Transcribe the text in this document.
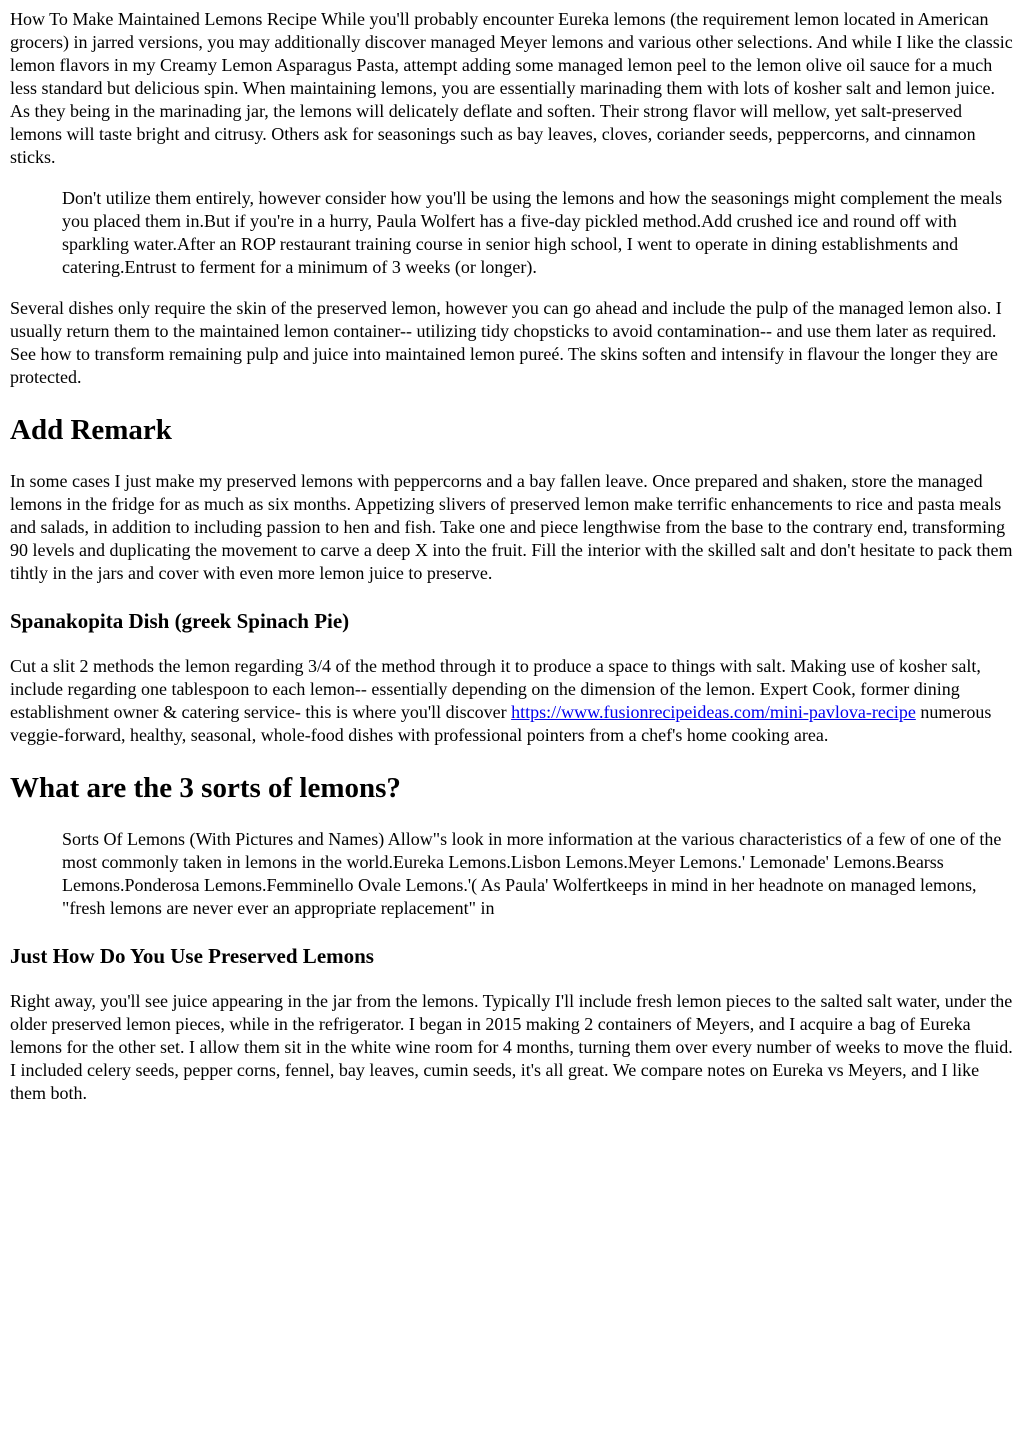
How To Make Maintained Lemons Recipe While you'll probably encounter Eureka lemons (the requirement lemon located in American grocers) in jarred versions, you may additionally discover managed Meyer lemons and various other selections. And while I like the classic lemon flavors in my Creamy Lemon Asparagus Pasta, attempt adding some managed lemon peel to the lemon olive oil sauce for a much less standard but delicious spin. When maintaining lemons, you are essentially marinading them with lots of kosher salt and lemon juice. As they being in the marinading jar, the lemons will delicately deflate and soften. Their strong flavor will mellow, yet salt-preserved lemons will taste bright and citrusy. Others ask for seasonings such as bay leaves, cloves, coriander seeds, peppercorns, and cinnamon sticks.

Don't utilize them entirely, however consider how you'll be using the lemons and how the seasonings might complement the meals you placed them in.But if you're in a hurry, Paula Wolfert has a five-day pickled method.Add crushed ice and round off with sparkling water.After an ROP restaurant training course in senior high school, I went to operate in dining establishments and catering.Entrust to ferment for a minimum of 3 weeks (or longer).

Several dishes only require the skin of the preserved lemon, however you can go ahead and include the pulp of the managed lemon also. I usually return them to the maintained lemon container-- utilizing tidy chopsticks to avoid contamination-- and use them later as required. See how to transform remaining pulp and juice into maintained lemon pureé. The skins soften and intensify in flavour the longer they are protected.

Add Remark

In some cases I just make my preserved lemons with peppercorns and a bay fallen leave. Once prepared and shaken, store the managed lemons in the fridge for as much as six months. Appetizing slivers of preserved lemon make terrific enhancements to rice and pasta meals and salads, in addition to including passion to hen and fish. Take one and piece lengthwise from the base to the contrary end, transforming 90 levels and duplicating the movement to carve a deep X into the fruit. Fill the interior with the skilled salt and don't hesitate to pack them tihtly in the jars and cover with even more lemon juice to preserve.

Spanakopita Dish (greek Spinach Pie)

Cut a slit 2 methods the lemon regarding 3/4 of the method through it to produce a space to things with salt. Making use of kosher salt, include regarding one tablespoon to each lemon-- essentially depending on the dimension of the lemon. Expert Cook, former dining establishment owner & catering service- this is where you'll discover https://www.fusionrecipeideas.com/mini-pavlova-recipe numerous veggie-forward, healthy, seasonal, whole-food dishes with professional pointers from a chef's home cooking area.

What are the 3 sorts of lemons?
Sorts Of Lemons (With Pictures and Names) Allow"s look in more information at the various characteristics of a few of one of the most commonly taken in lemons in the world.Eureka Lemons.Lisbon Lemons.Meyer Lemons.' Lemonade' Lemons.Bearss Lemons.Ponderosa Lemons.Femminello Ovale Lemons.'( As Paula' Wolfertkeeps in mind in her headnote on managed lemons, "fresh lemons are never ever an appropriate replacement" in
Just How Do You Use Preserved Lemons

Right away, you'll see juice appearing in the jar from the lemons. Typically I'll include fresh lemon pieces to the salted salt water, under the older preserved lemon pieces, while in the refrigerator. I began in 2015 making 2 containers of Meyers, and I acquire a bag of Eureka lemons for the other set. I allow them sit in the white wine room for 4 months, turning them over every number of weeks to move the fluid. I included celery seeds, pepper corns, fennel, bay leaves, cumin seeds, it's all great. We compare notes on Eureka vs Meyers, and I like them both.
